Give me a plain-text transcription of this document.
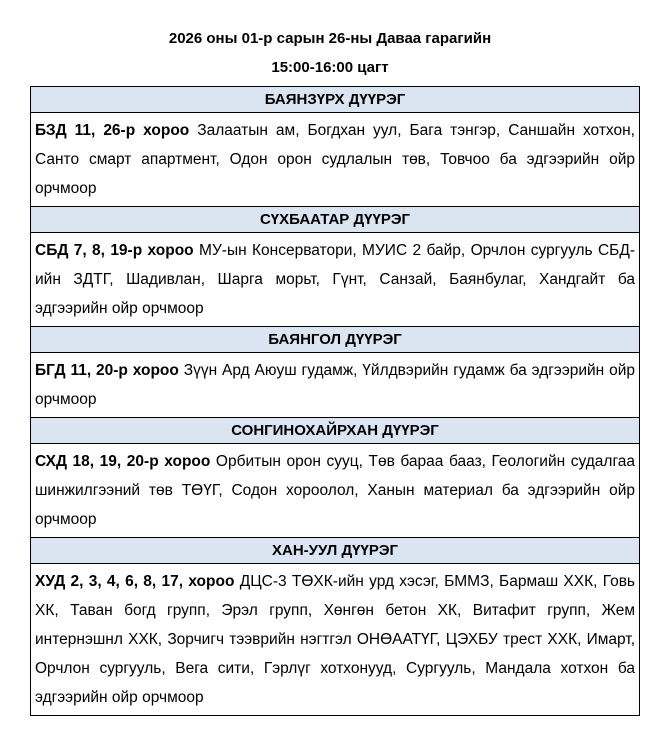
2026 оны 01-р сарын 26-ны Даваа гарагийн
15:00-16:00 цагт
БАЯНЗҮРХ ДҮҮРЭГ
БЗД 11, 26-р хороо Залаатын ам, Богдхан уул, Бага тэнгэр, Саншайн хотхон, Санто смарт апартмент, Одон орон судлалын төв, Товчоо ба эдгээрийн ойр орчмоор
СҮХБААТАР ДҮҮРЭГ
СБД 7, 8, 19-р хороо МУ-ын Консерватори, МУИС 2 байр, Орчлон сургууль СБД-ийн ЗДТГ, Шадивлан, Шарга морьт, Гүнт, Санзай, Баянбулаг, Хандгайт ба эдгээрийн ойр орчмоор
БАЯНГОЛ ДҮҮРЭГ
БГД 11, 20-р хороо Зүүн Ард Аюуш гудамж, Үйлдвэрийн гудамж ба эдгээрийн ойр орчмоор
СОНГИНОХАЙРХАН ДҮҮРЭГ
СХД 18, 19, 20-р хороо Орбитын орон сууц, Төв бараа бааз, Геологийн судалгаа шинжилгээний төв ТӨҮГ, Содон хороолол, Ханын материал ба эдгээрийн ойр орчмоор
ХАН-УУЛ ДҮҮРЭГ
ХУД 2, 3, 4, 6, 8, 17, хороо ДЦС-3 ТӨХК-ийн урд хэсэг, БММЗ, Бармаш ХХК, Говь ХК, Таван богд групп, Эрэл групп, Хөнгөн бетон ХК, Витафит групп, Жем интернэшнл ХХК, Зорчигч тээврийн нэгтгэл ОНӨААТҮГ, ЦЭХБУ трест ХХК, Имарт, Орчлон сургууль, Вега сити, Гэрлүг хотхонууд, Сургууль, Мандала хотхон ба эдгээрийн ойр орчмоор
